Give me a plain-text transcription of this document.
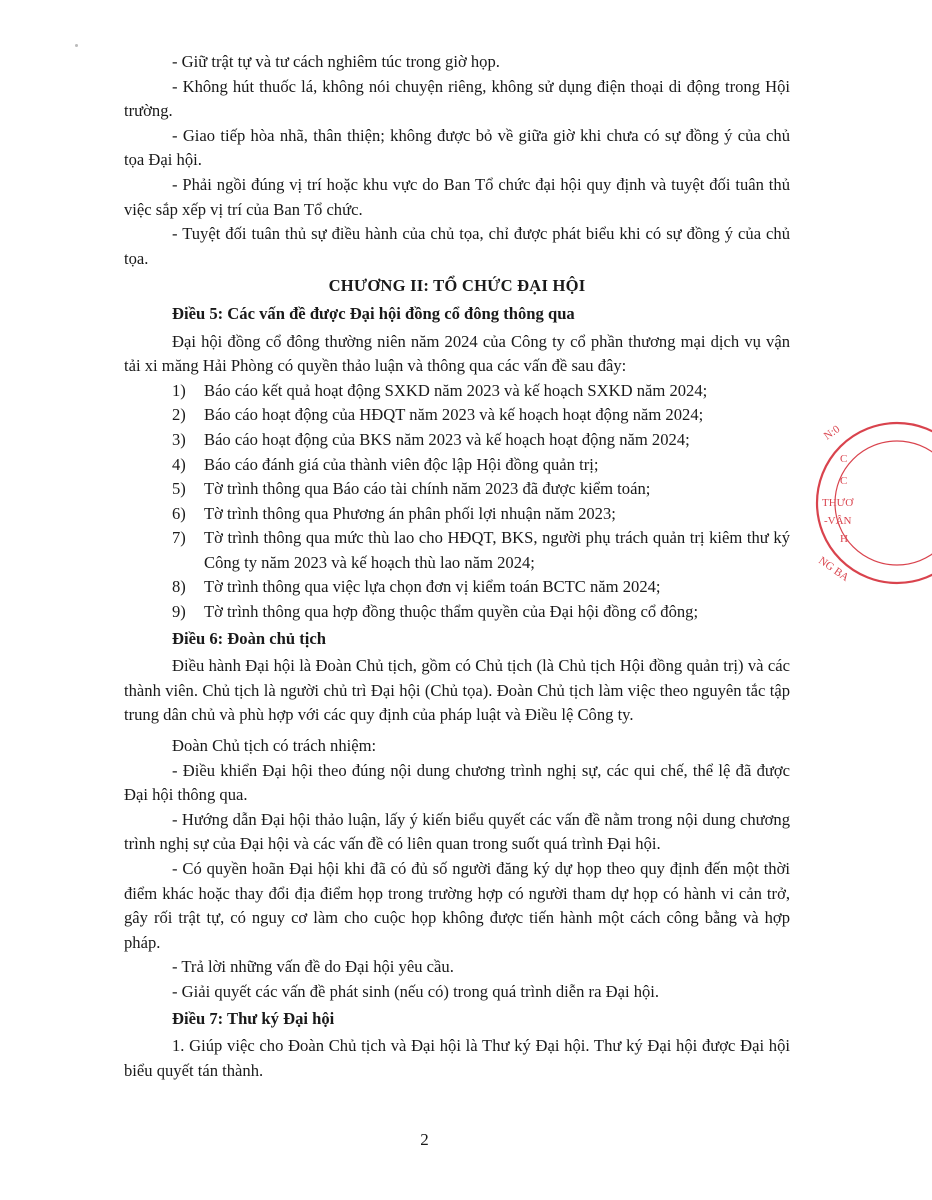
- Giữ trật tự và tư cách nghiêm túc trong giờ họp.

- Không hút thuốc lá, không nói chuyện riêng, không sử dụng điện thoại di động trong Hội trường.

- Giao tiếp hòa nhã, thân thiện; không được bỏ về giữa giờ khi chưa có sự đồng ý của chủ tọa Đại hội.

- Phải ngồi đúng vị trí hoặc khu vực do Ban Tổ chức đại hội quy định và tuyệt đối tuân thủ việc sắp xếp vị trí của Ban Tổ chức.

- Tuyệt đối tuân thủ sự điều hành của chủ tọa, chỉ được phát biểu khi có sự đồng ý của chủ tọa.

CHƯƠNG II: TỔ CHỨC ĐẠI HỘI

Điều 5: Các vấn đề được Đại hội đồng cổ đông thông qua

Đại hội đồng cổ đông thường niên năm 2024 của Công ty cổ phần thương mại dịch vụ vận tải xi măng Hải Phòng có quyền thảo luận và thông qua các vấn đề sau đây:

1) Báo cáo kết quả hoạt động SXKD năm 2023 và kế hoạch SXKD năm 2024;
2) Báo cáo hoạt động của HĐQT năm 2023 và kế hoạch hoạt động năm 2024;
3) Báo cáo hoạt động của BKS năm 2023 và kế hoạch hoạt động năm 2024;
4) Báo cáo đánh giá của thành viên độc lập Hội đồng quản trị;
5) Tờ trình thông qua Báo cáo tài chính năm 2023 đã được kiểm toán;
6) Tờ trình thông qua Phương án phân phối lợi nhuận năm 2023;
7) Tờ trình thông qua mức thù lao cho HĐQT, BKS, người phụ trách quản trị kiêm thư ký Công ty năm 2023 và kế hoạch thù lao năm 2024;
8) Tờ trình thông qua việc lựa chọn đơn vị kiểm toán BCTC năm 2024;
9) Tờ trình thông qua hợp đồng thuộc thẩm quyền của Đại hội đồng cổ đông;

Điều 6: Đoàn chủ tịch

Điều hành Đại hội là Đoàn Chủ tịch, gồm có Chủ tịch (là Chủ tịch Hội đồng quản trị) và các thành viên. Chủ tịch là người chủ trì Đại hội (Chủ tọa). Đoàn Chủ tịch làm việc theo nguyên tắc tập trung dân chủ và phù hợp với các quy định của pháp luật và Điều lệ Công ty.

Đoàn Chủ tịch có trách nhiệm:

- Điều khiển Đại hội theo đúng nội dung chương trình nghị sự, các qui chế, thể lệ đã được Đại hội thông qua.

- Hướng dẫn Đại hội thảo luận, lấy ý kiến biểu quyết các vấn đề nằm trong nội dung chương trình nghị sự của Đại hội và các vấn đề có liên quan trong suốt quá trình Đại hội.

- Có quyền hoãn Đại hội khi đã có đủ số người đăng ký dự họp theo quy định đến một thời điểm khác hoặc thay đổi địa điểm họp trong trường hợp có người tham dự họp có hành vi cản trở, gây rối trật tự, có nguy cơ làm cho cuộc họp không được tiến hành một cách công bằng và hợp pháp.

- Trả lời những vấn đề do Đại hội yêu cầu.

- Giải quyết các vấn đề phát sinh (nếu có) trong quá trình diễn ra Đại hội.

Điều 7: Thư ký Đại hội

1. Giúp việc cho Đoàn Chủ tịch và Đại hội là Thư ký Đại hội. Thư ký Đại hội được Đại hội biểu quyết tán thành.

2
N:0
C
C
THƯƠ
-VẬN
H
NG BA
